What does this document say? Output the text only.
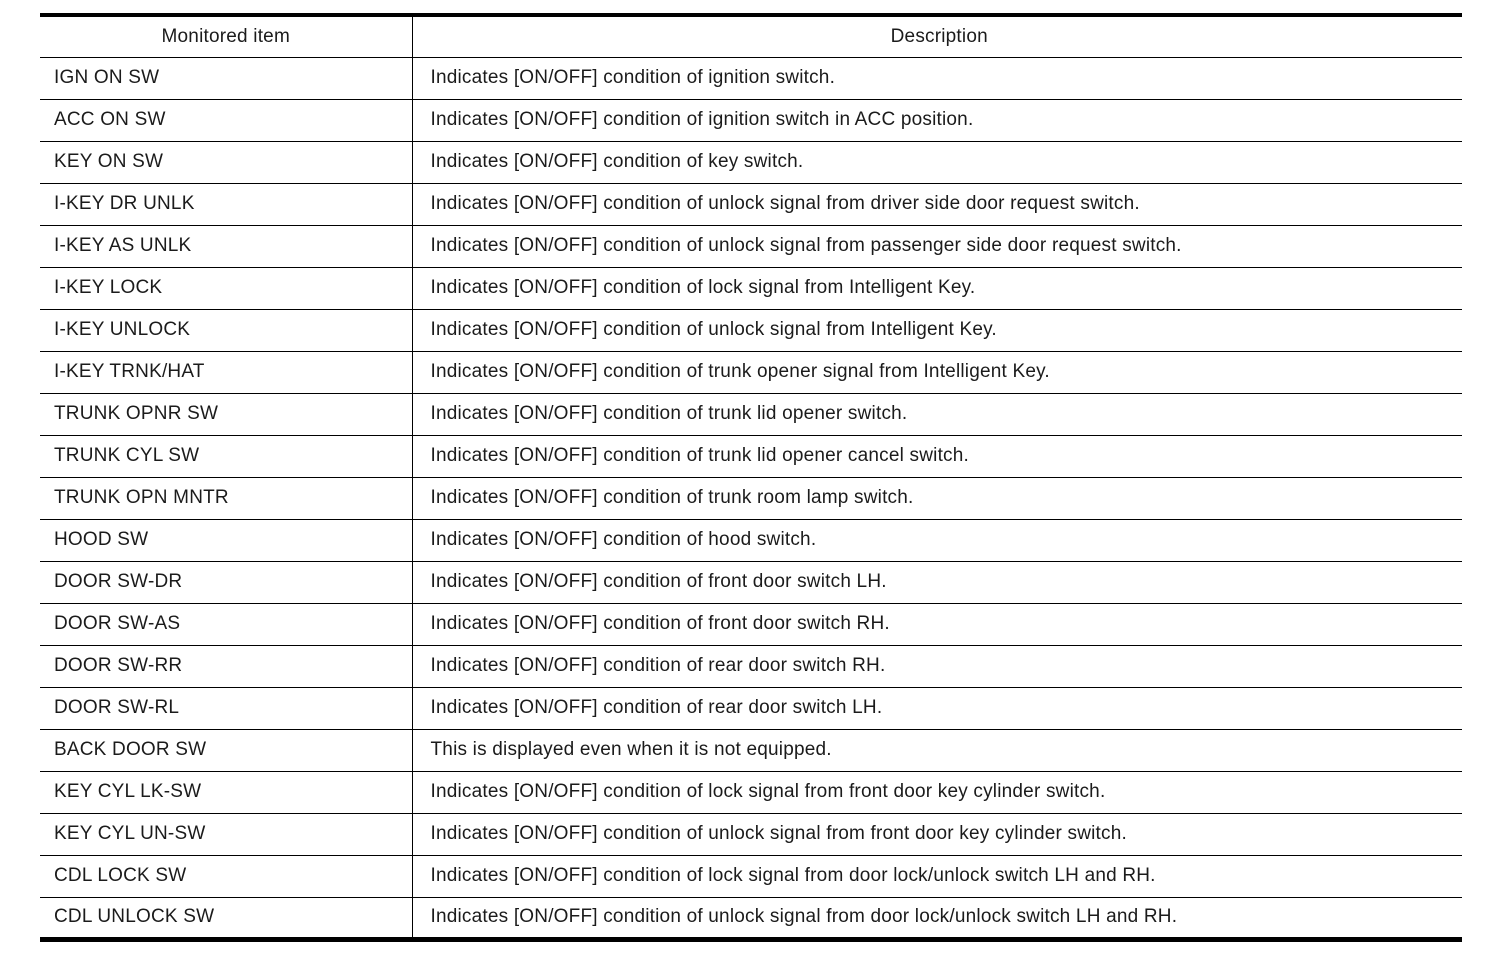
Monitored item	Description
IGN ON SW	Indicates [ON/OFF] condition of ignition switch.
ACC ON SW	Indicates [ON/OFF] condition of ignition switch in ACC position.
KEY ON SW	Indicates [ON/OFF] condition of key switch.
I-KEY DR UNLK	Indicates [ON/OFF] condition of unlock signal from driver side door request switch.
I-KEY AS UNLK	Indicates [ON/OFF] condition of unlock signal from passenger side door request switch.
I-KEY LOCK	Indicates [ON/OFF] condition of lock signal from Intelligent Key.
I-KEY UNLOCK	Indicates [ON/OFF] condition of unlock signal from Intelligent Key.
I-KEY TRNK/HAT	Indicates [ON/OFF] condition of trunk opener signal from Intelligent Key.
TRUNK OPNR SW	Indicates [ON/OFF] condition of trunk lid opener switch.
TRUNK CYL SW	Indicates [ON/OFF] condition of trunk lid opener cancel switch.
TRUNK OPN MNTR	Indicates [ON/OFF] condition of trunk room lamp switch.
HOOD SW	Indicates [ON/OFF] condition of hood switch.
DOOR SW-DR	Indicates [ON/OFF] condition of front door switch LH.
DOOR SW-AS	Indicates [ON/OFF] condition of front door switch RH.
DOOR SW-RR	Indicates [ON/OFF] condition of rear door switch RH.
DOOR SW-RL	Indicates [ON/OFF] condition of rear door switch LH.
BACK DOOR SW	This is displayed even when it is not equipped.
KEY CYL LK-SW	Indicates [ON/OFF] condition of lock signal from front door key cylinder switch.
KEY CYL UN-SW	Indicates [ON/OFF] condition of unlock signal from front door key cylinder switch.
CDL LOCK SW	Indicates [ON/OFF] condition of lock signal from door lock/unlock switch LH and RH.
CDL UNLOCK SW	Indicates [ON/OFF] condition of unlock signal from door lock/unlock switch LH and RH.
